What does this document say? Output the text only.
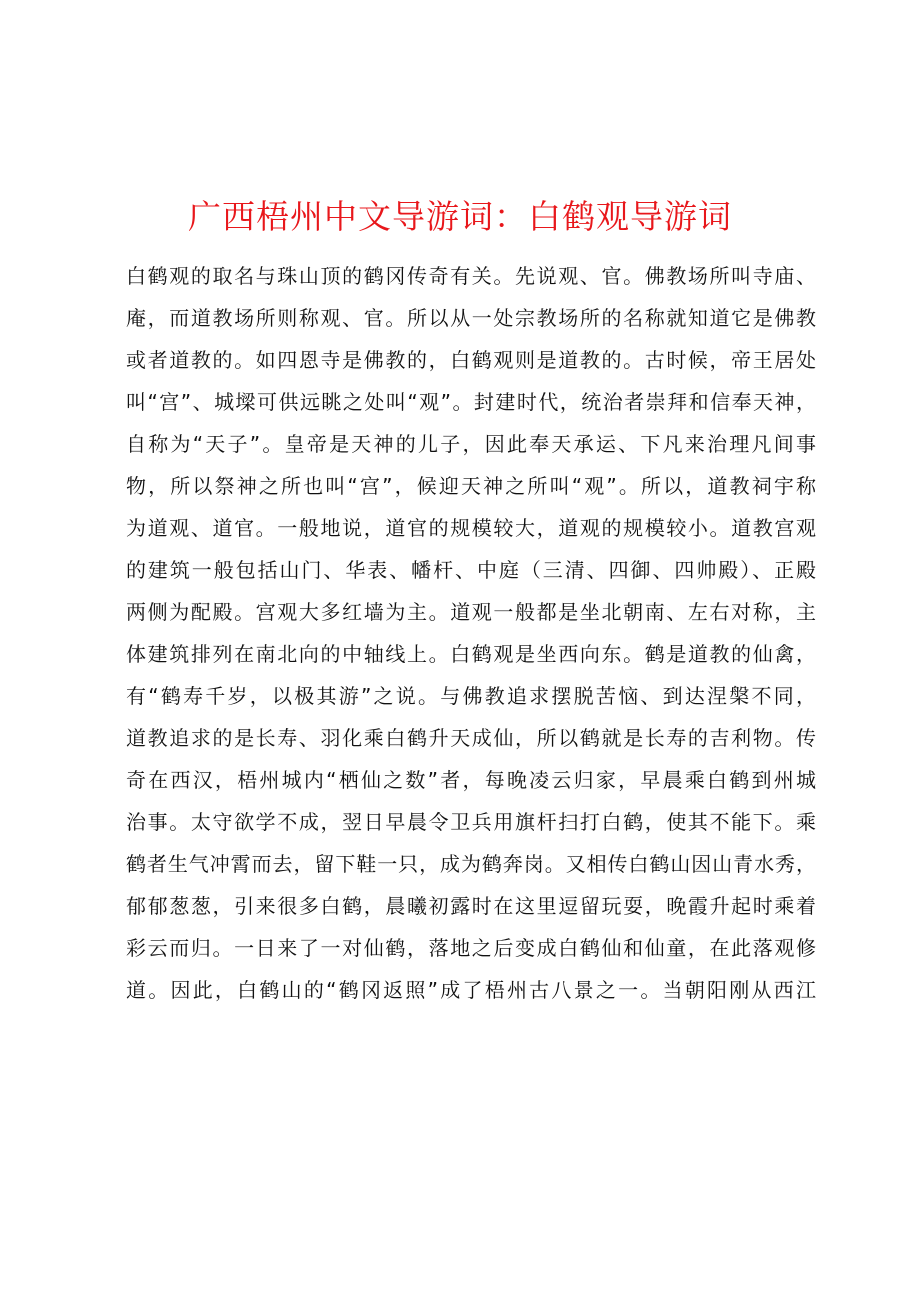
广西梧州中文导游词：白鹤观导游词
白鹤观的取名与珠山顶的鹤冈传奇有关。先说观、官。佛教场所叫寺庙、
庵，而道教场所则称观、官。所以从一处宗教场所的名称就知道它是佛教
或者道教的。如四恩寺是佛教的，白鹤观则是道教的。古时候，帝王居处
叫“宫”、城墚可供远眺之处叫“观”。封建时代，统治者崇拜和信奉天神，
自称为“天子”。皇帝是天神的儿子，因此奉天承运、下凡来治理凡间事
物，所以祭神之所也叫“宫”，候迎天神之所叫“观”。所以，道教祠宇称
为道观、道官。一般地说，道官的规模较大，道观的规模较小。道教宫观
的建筑一般包括山门、华表、幡杆、中庭（三清、四御、四帅殿）、正殿
两侧为配殿。宫观大多红墙为主。道观一般都是坐北朝南、左右对称，主
体建筑排列在南北向的中轴线上。白鹤观是坐西向东。鹤是道教的仙禽，
有“鹤寿千岁，以极其游”之说。与佛教追求摆脱苦恼、到达涅槃不同，
道教追求的是长寿、羽化乘白鹤升天成仙，所以鹤就是长寿的吉利物。传
奇在西汉，梧州城内“栖仙之数”者，每晚凌云归家，早晨乘白鹤到州城
治事。太守欲学不成，翌日早晨令卫兵用旗杆扫打白鹤，使其不能下。乘
鹤者生气冲霄而去，留下鞋一只，成为鹤奔岗。又相传白鹤山因山青水秀，
郁郁葱葱，引来很多白鹤，晨曦初露时在这里逗留玩耍，晚霞升起时乘着
彩云而归。一日来了一对仙鹤，落地之后变成白鹤仙和仙童，在此落观修
道。因此，白鹤山的“鹤冈返照”成了梧州古八景之一。当朝阳刚从西江
